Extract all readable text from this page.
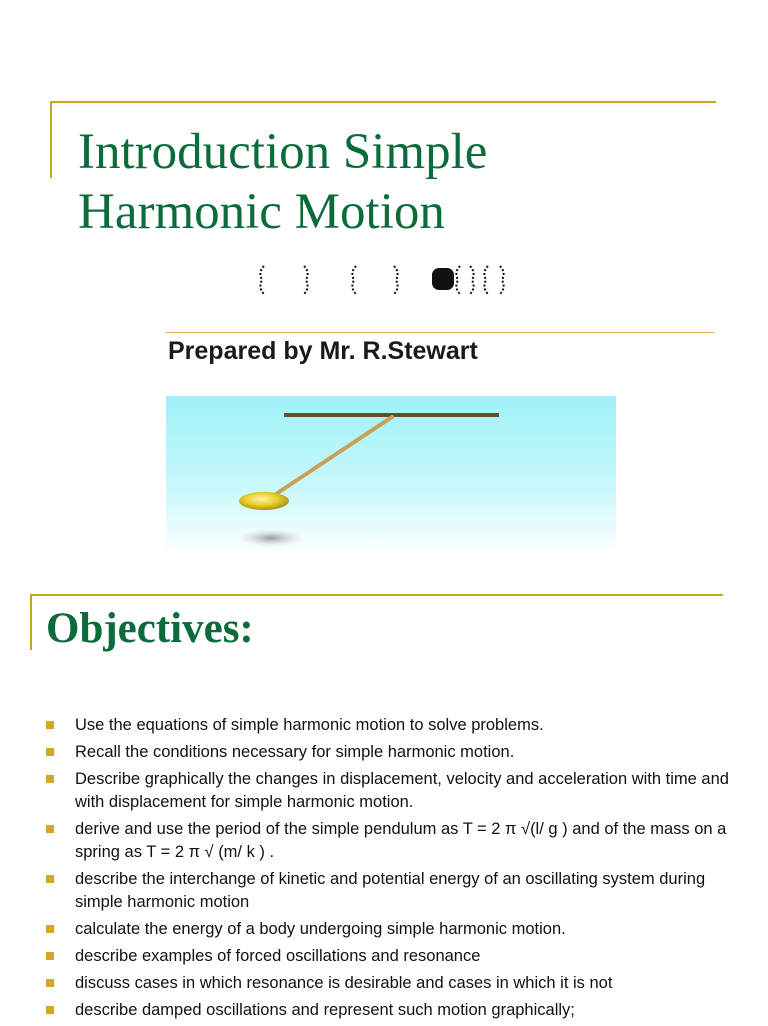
Introduction Simple
Harmonic Motion
Prepared by Mr. R.Stewart
Objectives:
Use the equations of simple harmonic motion to solve problems.
Recall the conditions necessary for simple harmonic motion.
Describe graphically the changes in displacement, velocity and acceleration with time and with displacement for simple harmonic motion.
derive and use the period of the simple pendulum as T = 2 π √(l/ g ) and of the mass on a spring as T = 2 π √ (m/ k ) .
describe the interchange of kinetic and potential energy of an oscillating system during simple harmonic motion
calculate the energy of a body undergoing simple harmonic motion.
describe examples of forced oscillations and resonance
discuss cases in which resonance is desirable and cases in which it is not
describe damped oscillations and represent such motion graphically;
